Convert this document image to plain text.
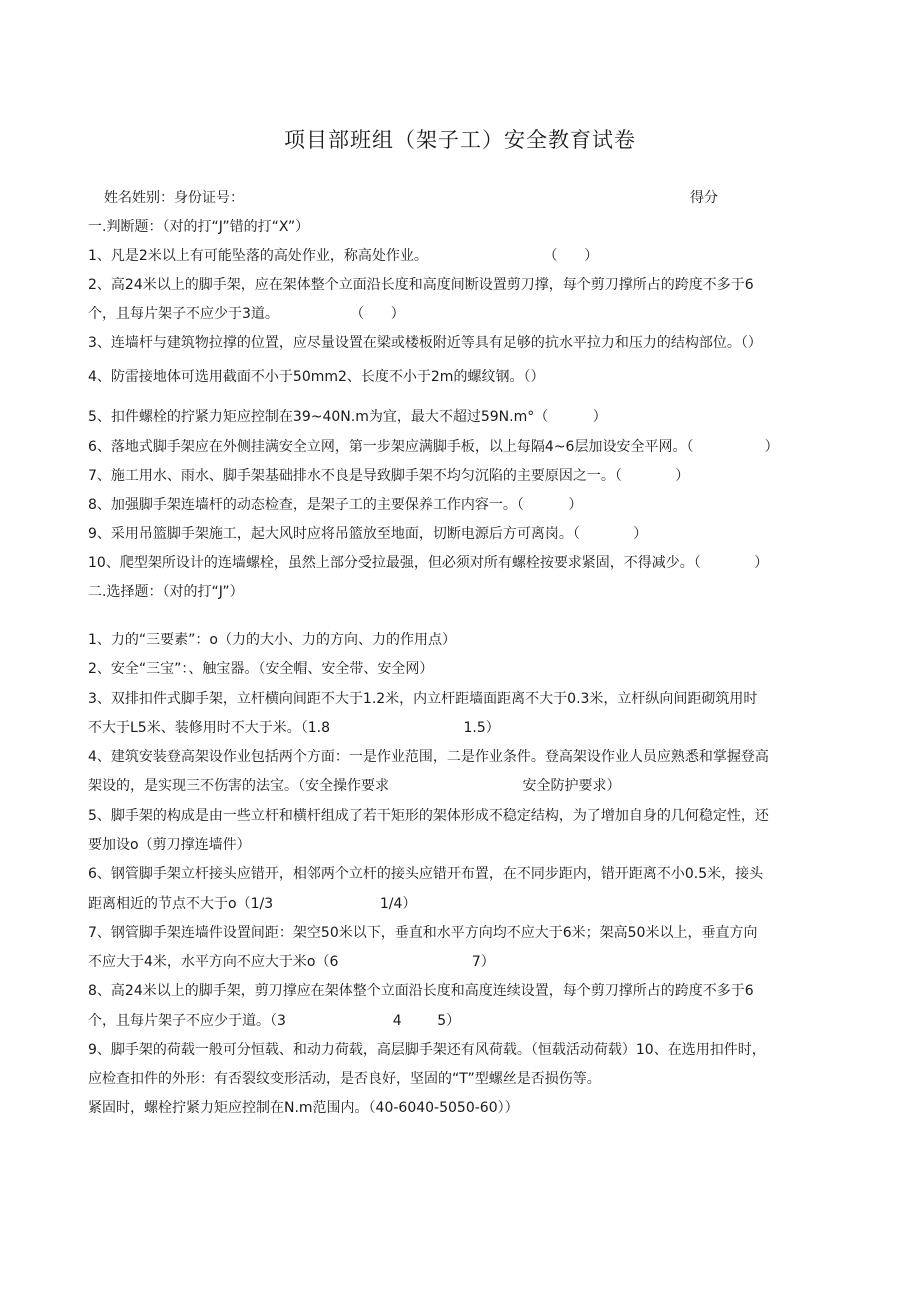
项目部班组（架子工）安全教育试卷
姓名姓别：身份证号：	得分
一.判断题：（对的打“J”错的打“X”）
1、凡是2米以上有可能坠落的高处作业，称高处作业。                          （      ）
2、高24米以上的脚手架，应在架体整个立面沿长度和高度间断设置剪刀撑，每个剪刀撑所占的跨度不多于6
个，且每片架子不应少于3道。                （      ）
3、连墙杆与建筑物拉撑的位置，应尽量设置在梁或楼板附近等具有足够的抗水平拉力和压力的结构部位。（）
4、防雷接地体可选用截面不小于50mm2、长度不小于2m的螺纹钢。（）
5、扣件螺栓的拧紧力矩应控制在39~40N.m为宜，最大不超过59N.m°（          ）
6、落地式脚手架应在外侧挂满安全立网，第一步架应满脚手板，以上每隔4~6层加设安全平网。（                ）
7、施工用水、雨水、脚手架基础排水不良是导致脚手架不均匀沉陷的主要原因之一。（            ）
8、加强脚手架连墙杆的动态检查，是架子工的主要保养工作内容一。（          ）
9、采用吊篮脚手架施工，起大风时应将吊篮放至地面，切断电源后方可离岗。（            ）
10、爬型架所设计的连墙螺栓，虽然上部分受拉最强，但必须对所有螺栓按要求紧固，不得减少。（            ）
二.选择题：（对的打“J”）
1、力的“三要素”：o（力的大小、力的方向、力的作用点）
2、安全“三宝”：、触宝器。（安全帽、安全带、安全网）
3、双排扣件式脚手架，立杆横向间距不大于1.2米，内立杆距墙面距离不大于0.3米，立杆纵向间距砌筑用时
不大于L5米、装修用时不大于米。（1.8                              1.5）
4、建筑安装登高架设作业包括两个方面：一是作业范围，二是作业条件。登高架设作业人员应熟悉和掌握登高
架设的，是实现三不伤害的法宝。（安全操作要求                              安全防护要求）
5、脚手架的构成是由一些立杆和横杆组成了若干矩形的架体形成不稳定结构，为了增加自身的几何稳定性，还
要加设o（剪刀撑连墙件）
6、钢管脚手架立杆接头应错开，相邻两个立杆的接头应错开布置，在不同步距内，错开距离不小0.5米，接头
距离相近的节点不大于o（1/3                        1/4）
7、钢管脚手架连墙件设置间距：架空50米以下，垂直和水平方向均不应大于6米；架高50米以上，垂直方向
不应大于4米，水平方向不应大于米o（6                              7）
8、高24米以上的脚手架，剪刀撑应在架体整个立面沿长度和高度连续设置，每个剪刀撑所占的跨度不多于6
个，且每片架子不应少于道。（3                        4        5）
9、脚手架的荷载一般可分恒载、和动力荷载，高层脚手架还有风荷载。（恒载活动荷载）10、在选用扣件时，
应检查扣件的外形：有否裂纹变形活动，是否良好，坚固的“T”型螺丝是否损伤等。
紧固时，螺栓拧紧力矩应控制在N.m范围内。（40-6040-5050-60））
